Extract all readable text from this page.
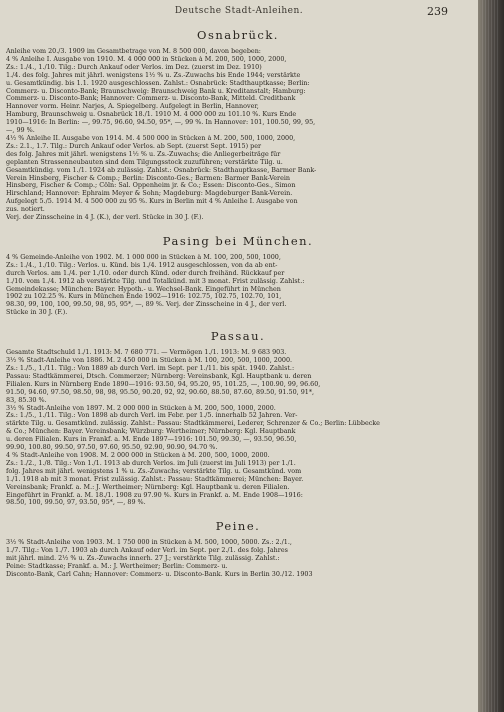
Deutsche Stadt-Anleihen.	239
Osnabrück.

Anleihe vom 20./3. 1909 im Gesamtbetrage von M. 8 500 000, davon begeben:

4 % Anleihe I. Ausgabe von 1910. M. 4 000 000 in Stücken à M. 200, 500, 1000, 2000,

Zs.: 1./4., 1./10. Tilg.: Durch Ankauf oder Verlos. im Dez. (zuerst im Dez. 1910)

1./4. des folg. Jahres mit jährl. wenigstens 1½ % u. Zs.-Zuwachs bis Ende 1944; verstärkte

u. Gesamtkündig. bis 1.1. 1920 ausgeschlossen. Zahlst.: Osnabrück: Stadthauptkasse; Berlin:

Commerz- u. Disconto-Bank; Braunschweig: Braunschweig Bank u. Kreditanstalt; Hamburg:

Commerz- u. Disconto-Bank; Hannover: Commerz- u. Disconto-Bank, Mitteld. Creditbank

Hannover vorm. Heinr. Narjes, A. Spiegelberg. Aufgelegt in Berlin, Hannover,

Hamburg, Braunschweig u. Osnabrück 18./1. 1910 M. 4 000 000 zu 101.10 %. Kurs Ende

1910—1916: In Berlin: —, 99.75, 96.60, 94.50, 95*, —, 99 %. In Hannover: 101, 100.50, 99, 95,

—, 99 %.

4½ % Anleihe II. Ausgabe von 1914. M. 4 500 000 in Stücken à M. 200, 500, 1000, 2000,

Zs.: 2.1., 1.7. Tilg.: Durch Ankauf oder Verlos. ab Sept. (zuerst Sept. 1915) per

des folg. Jahres mit jährl. wenigstens 1½ % u. Zs.-Zuwachs; die Anliegerbeiträge für

geplanten Strassenneubauten sind dem Tilgungsstock zuzuführen; verstärkte Tilg. u.

Gesamtkündig. vom 1./1. 1924 ab zulässig. Zahlst.: Osnabrück: Stadthauptkasse, Barmer Bank-

Verein Hinsberg, Fischer & Comp.; Berlin: Disconto-Ges.; Barmen: Barmer Bank-Verein

Hinsberg, Fischer & Comp.; Cöln: Sal. Oppenheim jr. & Co.; Essen: Disconto-Ges., Simon

Hirschland; Hannover: Ephraim Meyer & Sohn; Magdeburg: Magdeburger Bank-Verein.

Aufgelegt 5./5. 1914 M. 4 500 000 zu 95 %. Kurs in Berlin mit 4 % Anleihe I. Ausgabe von

zus. notiert.

Verj. der Zinsscheine in 4 J. (K.), der verl. Stücke in 30 J. (F.).

Pasing bei München.

4 % Gemeinde-Anleihe von 1902. M. 1 000 000 in Stücken à M. 100, 200, 500, 1000,

Zs.: 1./4., 1./10. Tilg.: Verlos. u. Künd. bis 1./4. 1912 ausgeschlossen, von da ab ent-

durch Verlos. am 1./4. per 1./10. oder durch Künd. oder durch freihänd. Rückkauf per

1./10. vom 1./4. 1912 ab verstärkte Tilg. und Totalkünd. mit 3 monat. Frist zulässig. Zahlst.:

Gemeindekasse; München: Bayer. Hypoth.- u. Wechsel-Bank. Eingeführt in München

1902 zu 102.25 %. Kurs in München Ende 1902—1916: 102.75, 102.75, 102.70, 101,

98.30, 99, 100, 100, 99.50, 98, 95, 95*, —, 89 %. Verj. der Zinsscheine in 4 J., der verl.

Stücke in 30 J. (F.).

Passau.

Gesamte Stadtschuld 1./1. 1913: M. 7 680 771. — Vermögen 1./1. 1913: M. 9 683 903.

3½ % Stadt-Anleihe von 1886. M. 2 450 000 in Stücken à M. 100, 200, 500, 1000, 2000.

Zs.: 1./5., 1./11. Tilg.: Von 1889 ab durch Verl. im Sept. per 1./11. bis spät. 1940. Zahlst.:

Passau: Stadtkämmerei, Dtsch. Commerzer; Nürnberg: Vereinsbank, Kgl. Hauptbank u. deren

Filialen. Kurs in Nürnberg Ende 1890—1916: 93.50, 94, 95.20, 95, 101.25, —, 100.90, 99, 96.60,

91.50, 94.60, 97.50, 98.50, 98, 98, 95.50, 90.20, 92, 92, 90.60, 88.50, 87.60, 89.50, 91.50, 91*,

83, 85.30 %.

3½ % Stadt-Anleihe von 1897. M. 2 000 000 in Stücken à M. 200, 500, 1000, 2000.

Zs.: 1./5., 1./11. Tilg.: Von 1898 ab durch Verl. im Febr. per 1./5. innerhalb 52 Jahren. Ver-

stärkte Tilg. u. Gesamtkünd. zulässig. Zahlst.: Passau: Stadtkämmerei, Lederer, Schrenzer & Co.; Berlin: Lübbecke

& Co.; München: Bayer. Vereinsbank; Würzburg: Wertheimer; Nürnberg: Kgl. Hauptbank

u. deren Filialen. Kurs in Frankf. a. M. Ende 1897—1916: 101.50, 99.30, —, 93.50, 96.50,

99.90, 100.80, 99.50, 97.50, 97.60, 95.50, 92.90, 90.90, 94.70 %.

4 % Stadt-Anleihe von 1908. M. 2 000 000 in Stücken à M. 200, 500, 1000, 2000.

Zs.: 1./2., 1./8. Tilg.: Von 1./1. 1913 ab durch Verlos. im Juli (zuerst im Juli 1913) per 1./1.

folg. Jahres mit jährl. wenigstens 1 % u. Zs.-Zuwachs; verstärkte Tilg. u. Gesamtkünd. vom

1./1. 1918 ab mit 3 monat. Frist zulässig. Zahlst.: Passau: Stadtkämmerei; München: Bayer.

Vereinsbank; Frankf. a. M.: J. Wertheimer; Nürnberg: Kgl. Hauptbank u. deren Filialen.

Eingeführt in Frankf. a. M. 18./1. 1908 zu 97.90 %. Kurs in Frankf. a. M. Ende 1908—1916:

98.50, 100, 99.50, 97, 93.50, 95*, —, 89 %.

Peine.

3½ % Stadt-Anleihe von 1903. M. 1 750 000 in Stücken à M. 500, 1000, 5000. Zs.: 2./1.,

1./7. Tilg.: Von 1./7. 1903 ab durch Ankauf oder Verl. im Sept. per 2./1. des folg. Jahres

mit jährl. mind. 2½ % u. Zs.-Zuwachs innerh. 27 J.; verstärkte Tilg. zulässig. Zahlst.:

Peine: Stadtkasse; Frankf. a. M.: J. Wertheimer; Berlin: Commerz- u.

Disconto-Bank, Carl Cahn; Hannover: Commerz- u. Disconto-Bank. Kurs in Berlin 30./12. 1903
